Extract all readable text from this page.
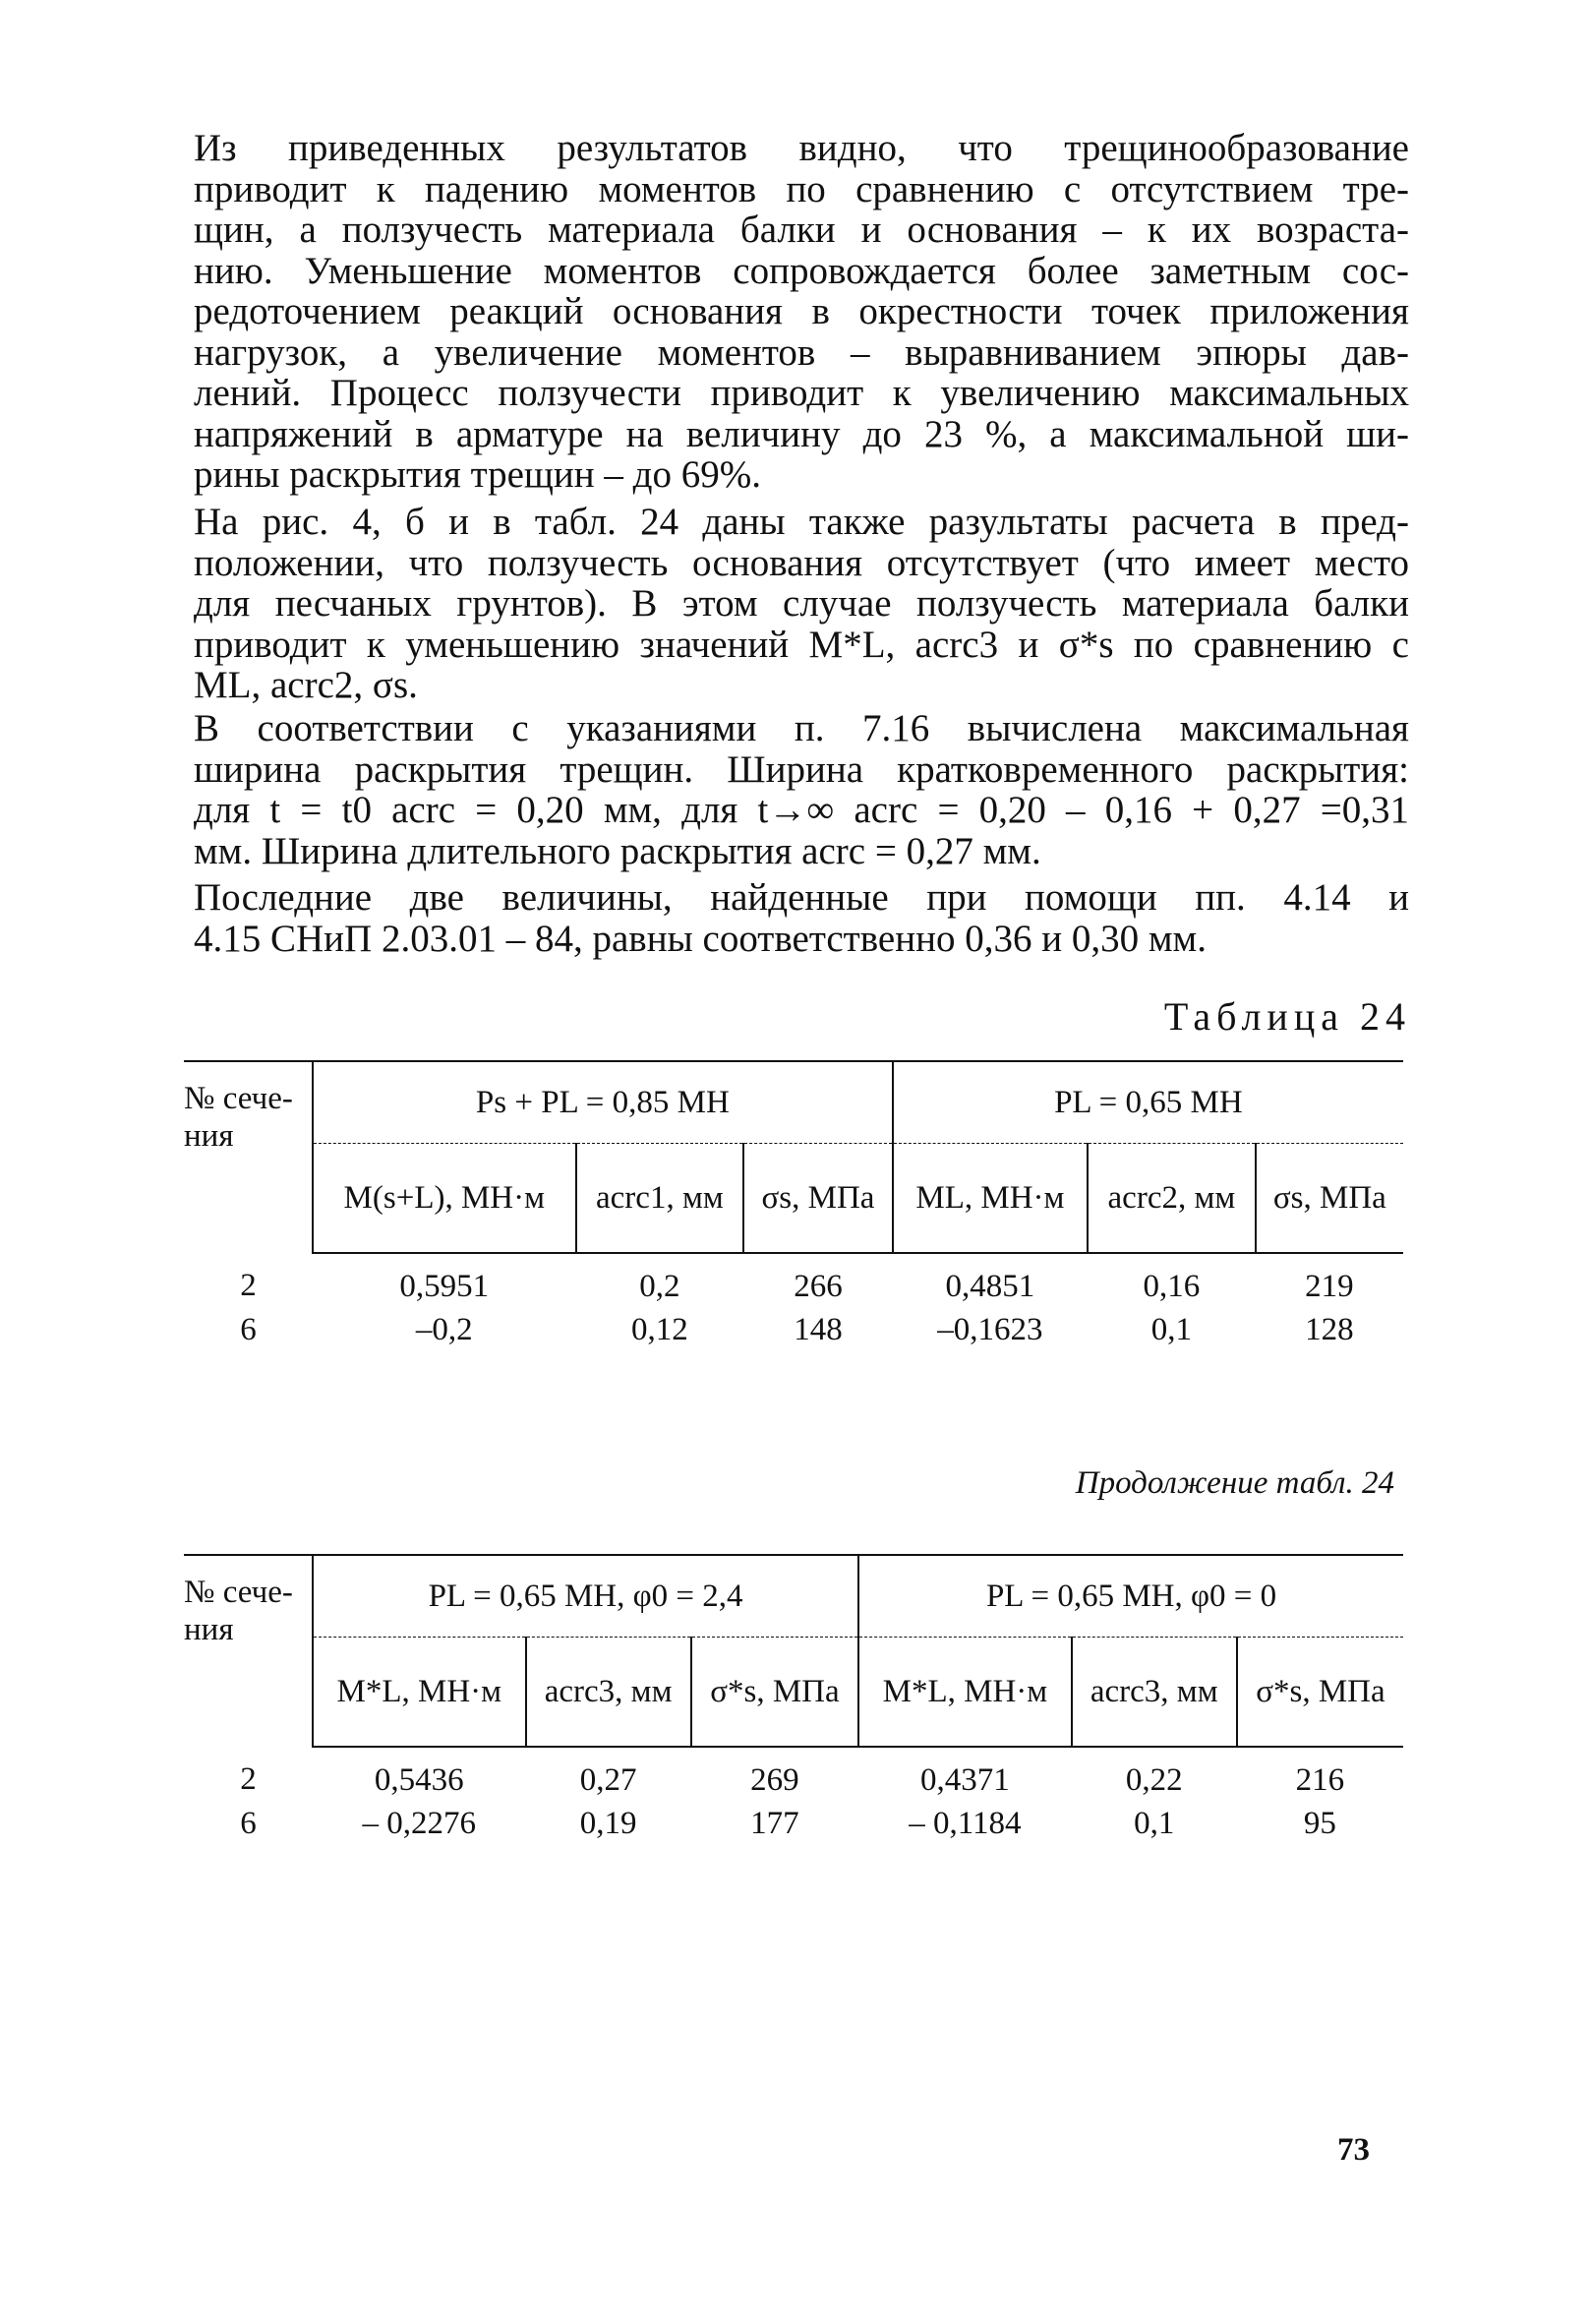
Из приведенных результатов видно, что трещинообразование
приводит к падению моментов по сравнению с отсутствием тре-
щин, а ползучесть материала балки и основания – к их возраста-
нию. Уменьшение моментов сопровождается более заметным сос-
редоточением реакций основания в окрестности точек приложения
нагрузок, а увеличение моментов – выравниванием эпюры дав-
лений. Процесс ползучести приводит к увеличению максимальных
напряжений в арматуре на величину до 23 %, а максимальной ши-
рины раскрытия трещин – до 69%.

На рис. 4, б и в табл. 24 даны также разультаты расчета в пред-
положении, что ползучесть основания отсутствует (что имеет место
для песчаных грунтов). В этом случае ползучесть материала балки
приводит к уменьшению значений M*L, acrc3 и σ*s по сравнению с
ML, acrc2, σs.

В соответствии с указаниями п. 7.16 вычислена максимальная
ширина раскрытия трещин. Ширина кратковременного раскрытия:
для t = t0 acrc = 0,20 мм, для t→∞ acrc = 0,20 – 0,16 + 0,27 =0,31
мм. Ширина длительного раскрытия acrc = 0,27 мм.

Последние две величины, найденные при помощи пп. 4.14 и
4.15 СНиП 2.03.01 – 84, равны соответственно 0,36 и 0,30 мм.

Таблица 24
№ сече-ния	Ps + PL = 0,85 МН			PL = 0,65 МН		
	M(s+L), МН·м	acrc1, мм	σs, МПа	ML, МН·м	acrc2, мм	σs, МПа
2	0,5951	0,2	266	0,4851	0,16	219
6	–0,2	0,12	148	–0,1623	0,1	128
Продолжение табл. 24
№ сече-ния	PL = 0,65 МН, φ0 = 2,4			PL = 0,65 МН, φ0 = 0		
	M*L, МН·м	acrc3, мм	σ*s, МПа	M*L, МН·м	acrc3, мм	σ*s, МПа
2	0,5436	0,27	269	0,4371	0,22	216
6	– 0,2276	0,19	177	– 0,1184	0,1	95
73
